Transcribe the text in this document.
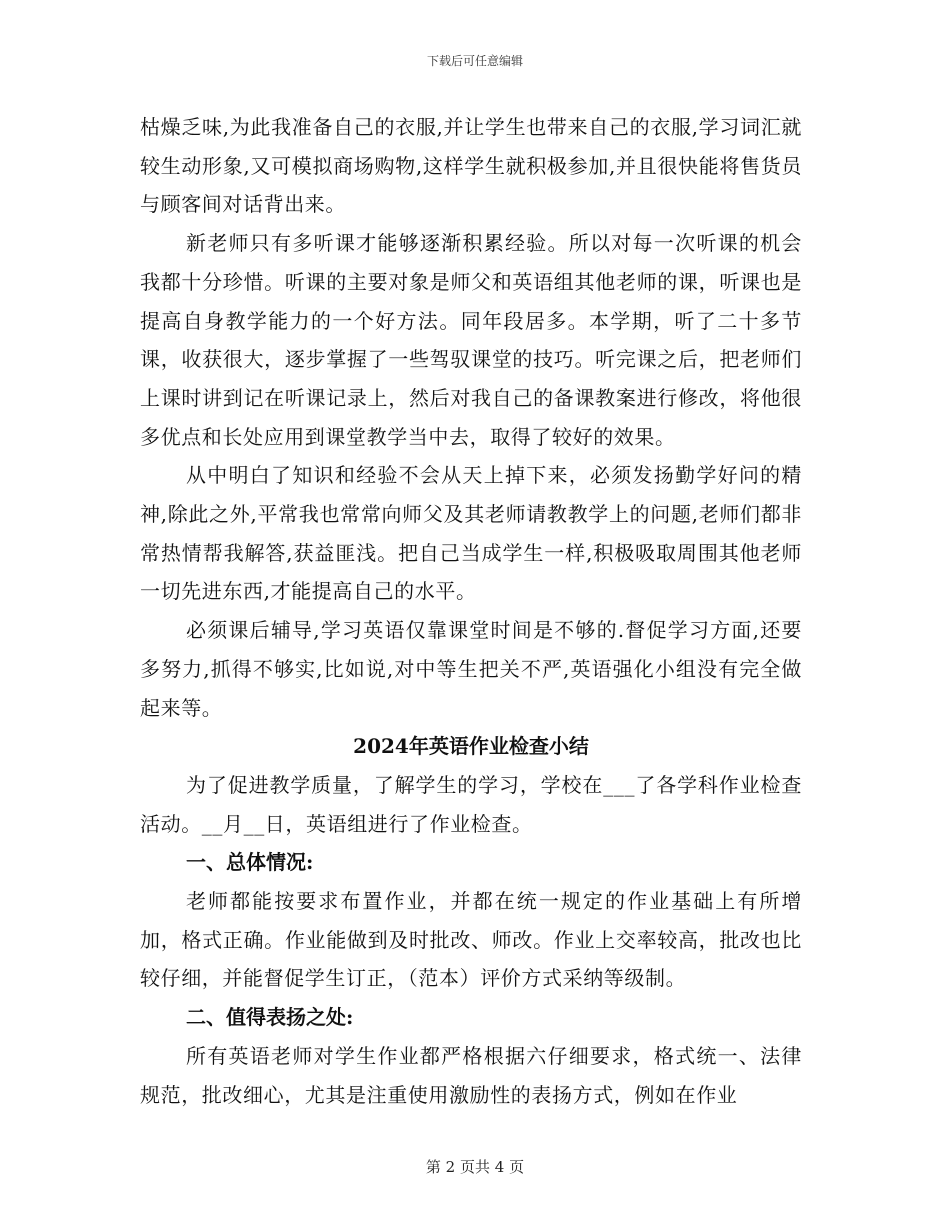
下载后可任意编辑

枯燥乏味,为此我准备自己的衣服,并让学生也带来自己的衣服,学习词汇就较生动形象,又可模拟商场购物,这样学生就积极参加,并且很快能将售货员与顾客间对话背出来。

新老师只有多听课才能够逐渐积累经验。所以对每一次听课的机会我都十分珍惜。听课的主要对象是师父和英语组其他老师的课，听课也是提高自身教学能力的一个好方法。同年段居多。本学期，听了二十多节课，收获很大，逐步掌握了一些驾驭课堂的技巧。听完课之后，把老师们上课时讲到记在听课记录上，然后对我自己的备课教案进行修改，将他很多优点和长处应用到课堂教学当中去，取得了较好的效果。

从中明白了知识和经验不会从天上掉下来，必须发扬勤学好问的精神,除此之外,平常我也常常向师父及其老师请教教学上的问题,老师们都非常热情帮我解答,获益匪浅。把自己当成学生一样,积极吸取周围其他老师一切先进东西,才能提高自己的水平。

必须课后辅导,学习英语仅靠课堂时间是不够的.督促学习方面,还要多努力,抓得不够实,比如说,对中等生把关不严,英语强化小组没有完全做起来等。

2024年英语作业检查小结

为了促进教学质量，了解学生的学习，学校在___了各学科作业检查活动。__月__日，英语组进行了作业检查。

一、总体情况:

老师都能按要求布置作业，并都在统一规定的作业基础上有所增加，格式正确。作业能做到及时批改、师改。作业上交率较高，批改也比较仔细，并能督促学生订正，（范本）评价方式采纳等级制。

二、值得表扬之处:

所有英语老师对学生作业都严格根据六仔细要求，格式统一、法律规范，批改细心，尤其是注重使用激励性的表扬方式，例如在作业

第 2 页共 4 页
